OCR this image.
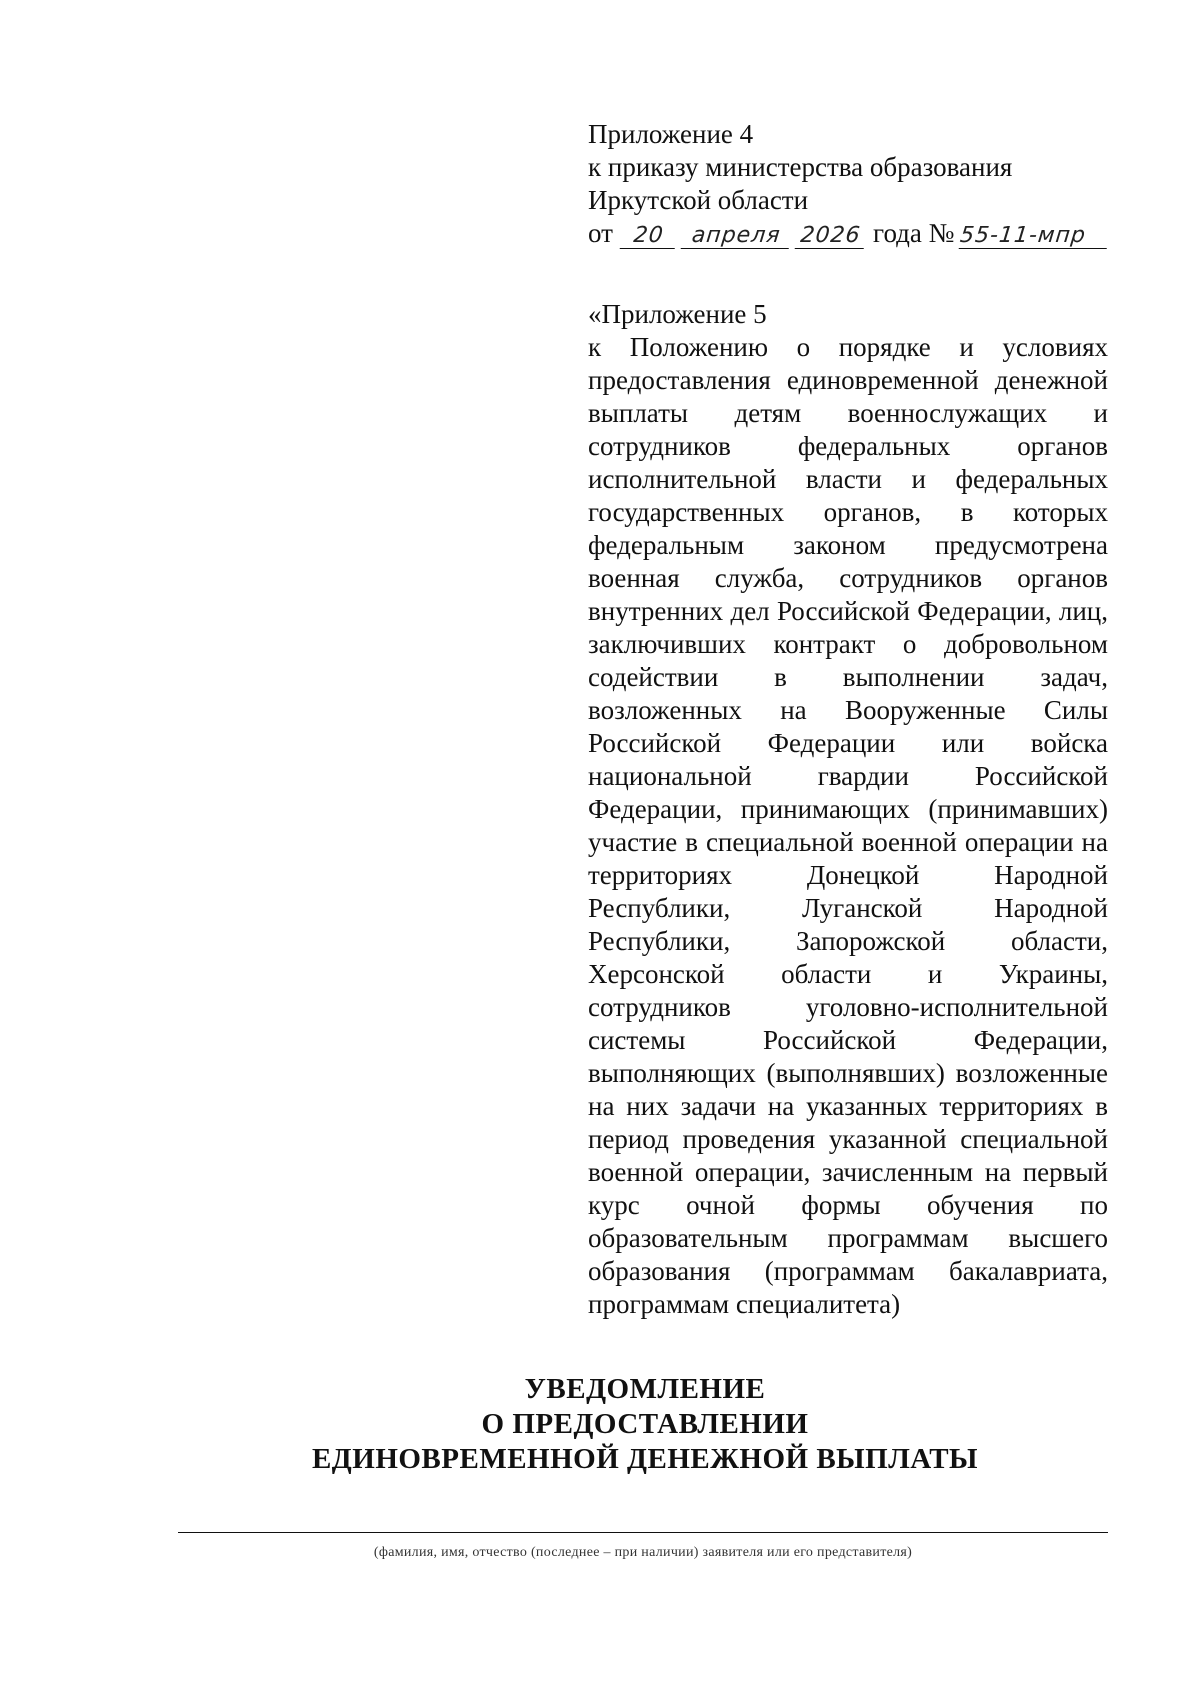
Приложение 4
к приказу министерства образования
Иркутской области
от 20	апреля 2026 года № 55-11-мпр
«Приложение 5
к Положению о порядке и условиях предоставления единовременной денежной выплаты детям военнослужащих и сотрудников федеральных органов исполнительной власти и федеральных государственных органов, в которых федеральным законом предусмотрена военная служба, сотрудников органов внутренних дел Российской Федерации, лиц, заключивших контракт о добровольном содействии в выполнении задач, возложенных на Вооруженные Силы Российской Федерации или войска национальной гвардии Российской Федерации, принимающих (принимавших) участие в специальной военной операции на территориях Донецкой Народной Республики, Луганской Народной Республики, Запорожской области, Херсонской области и Украины, сотрудников уголовно-исполнительной системы Российской Федерации, выполняющих (выполнявших) возложенные на них задачи на указанных территориях в период проведения указанной специальной военной операции, зачисленным на первый курс очной формы обучения по образовательным программам высшего образования (программам бакалавриата, программам специалитета)
УВЕДОМЛЕНИЕ
О ПРЕДОСТАВЛЕНИИ
ЕДИНОВРЕМЕННОЙ ДЕНЕЖНОЙ ВЫПЛАТЫ
(фамилия, имя, отчество (последнее – при наличии) заявителя или его представителя)
